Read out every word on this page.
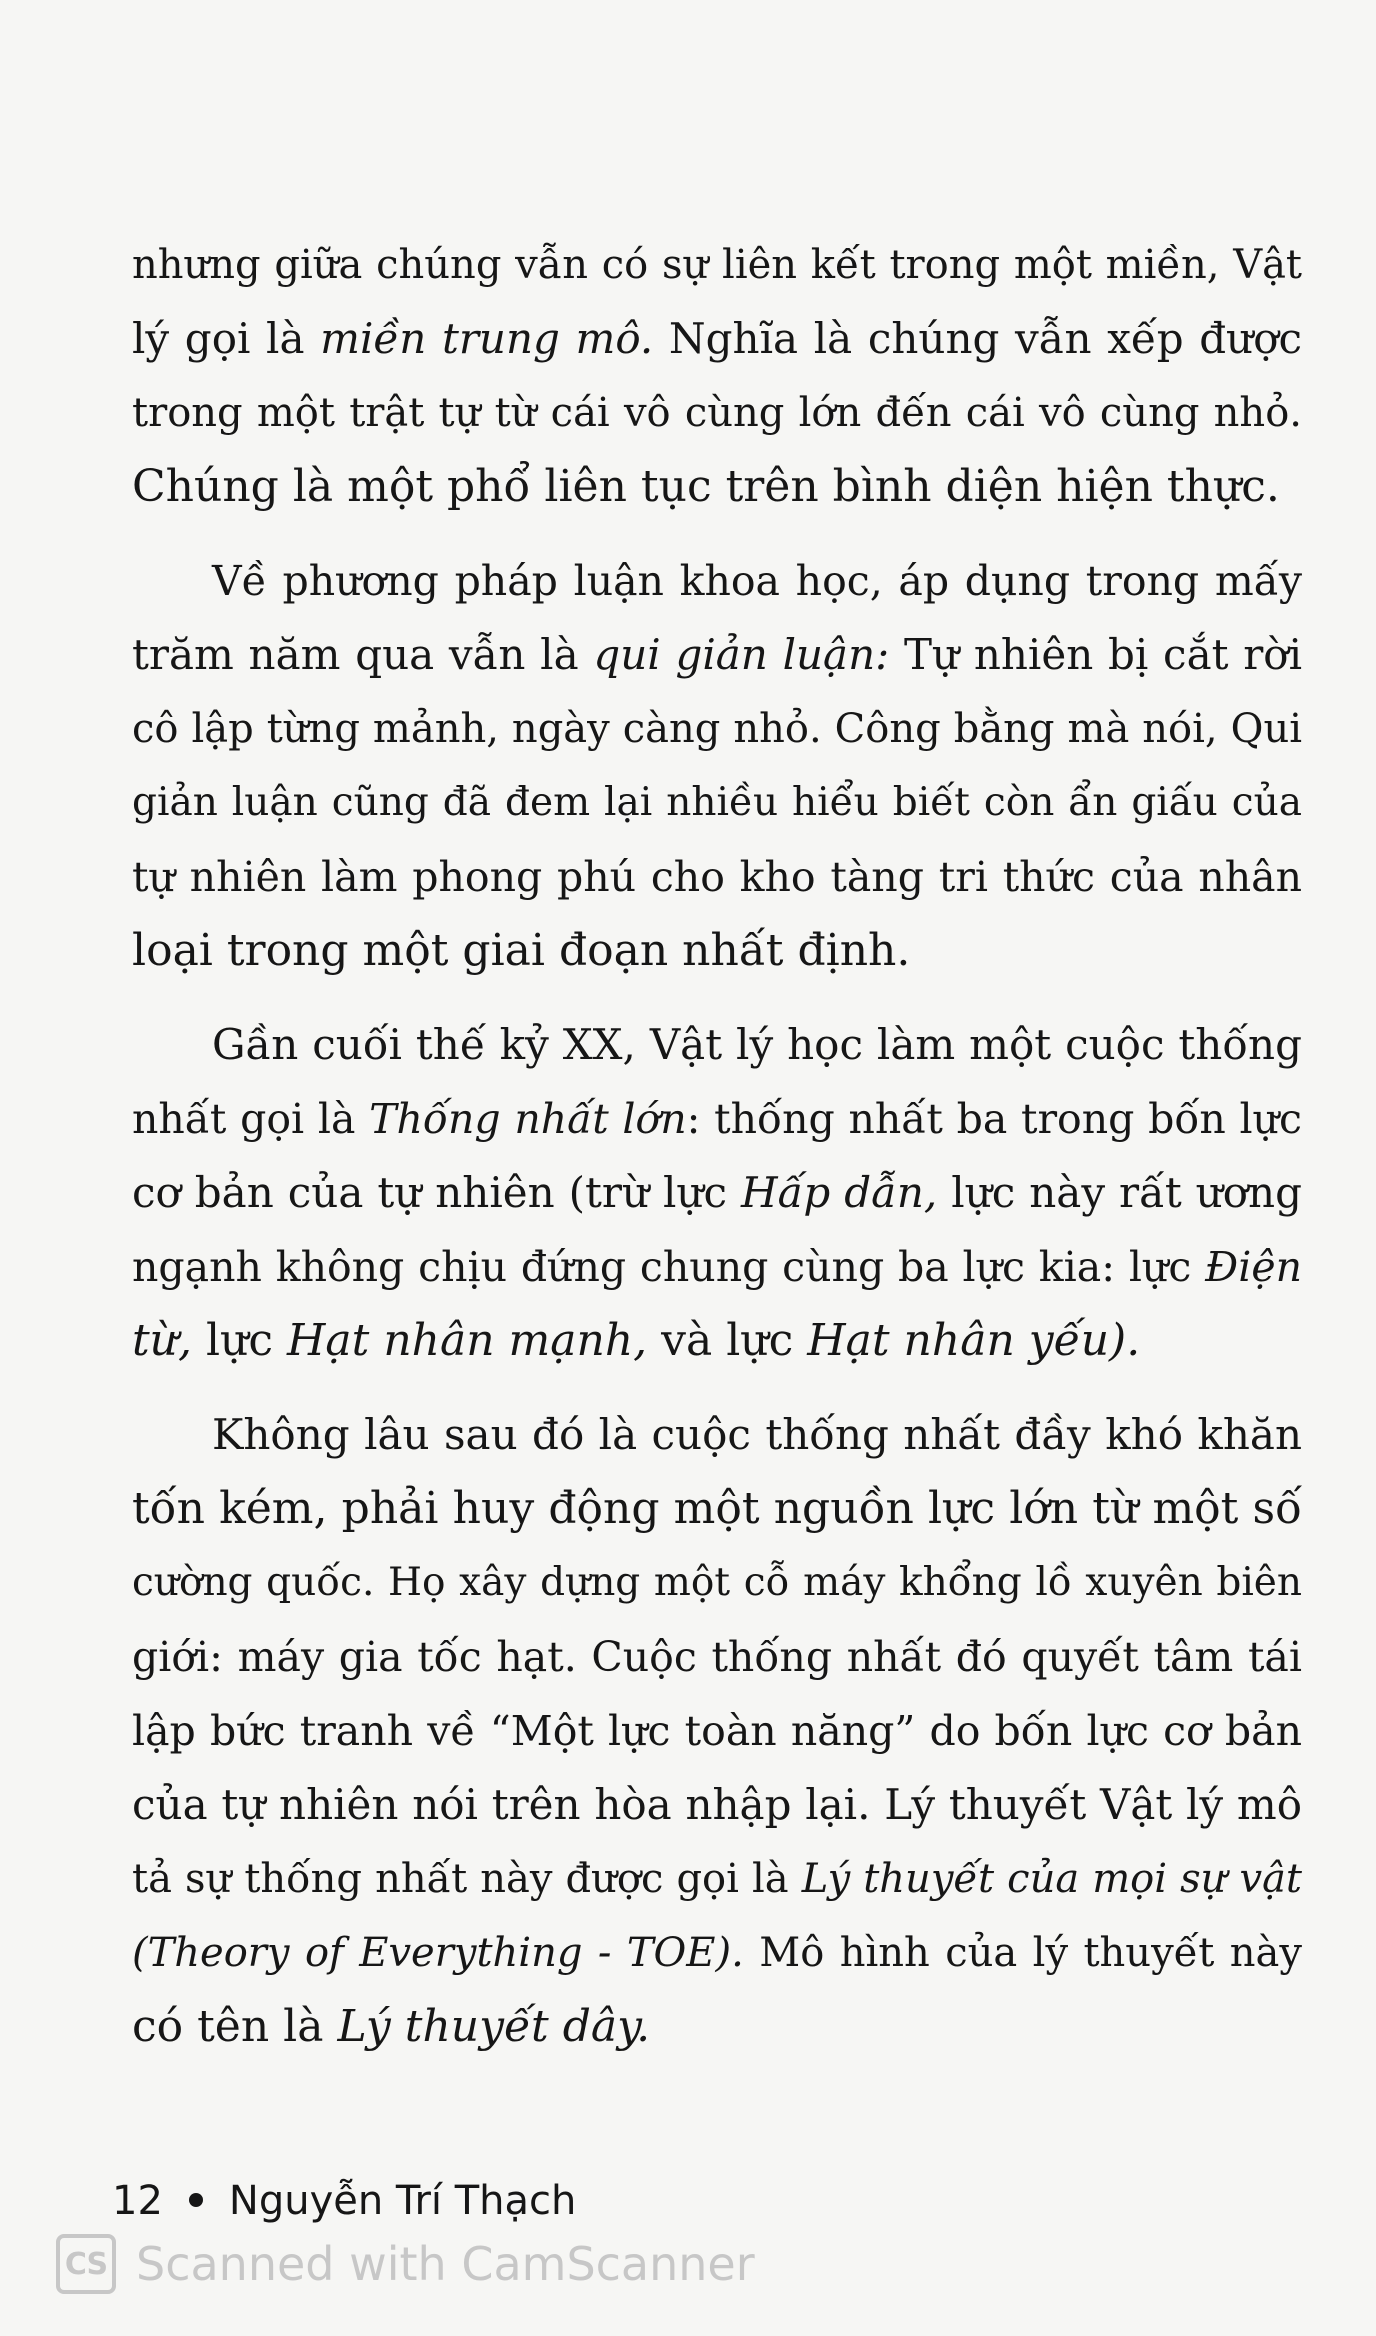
nhưng giữa chúng vẫn có sự liên kết trong một miền, Vật
lý gọi là miền trung mô. Nghĩa là chúng vẫn xếp được
trong một trật tự từ cái vô cùng lớn đến cái vô cùng nhỏ.
Chúng là một phổ liên tục trên bình diện hiện thực.

Về phương pháp luận khoa học, áp dụng trong mấy
trăm năm qua vẫn là qui giản luận: Tự nhiên bị cắt rời
cô lập từng mảnh, ngày càng nhỏ. Công bằng mà nói, Qui
giản luận cũng đã đem lại nhiều hiểu biết còn ẩn giấu của
tự nhiên làm phong phú cho kho tàng tri thức của nhân
loại trong một giai đoạn nhất định.

Gần cuối thế kỷ XX, Vật lý học làm một cuộc thống
nhất gọi là Thống nhất lớn: thống nhất ba trong bốn lực
cơ bản của tự nhiên (trừ lực Hấp dẫn, lực này rất ương
ngạnh không chịu đứng chung cùng ba lực kia: lực Điện
từ, lực Hạt nhân mạnh, và lực Hạt nhân yếu).

Không lâu sau đó là cuộc thống nhất đầy khó khăn
tốn kém, phải huy động một nguồn lực lớn từ một số
cường quốc. Họ xây dựng một cỗ máy khổng lồ xuyên biên
giới: máy gia tốc hạt. Cuộc thống nhất đó quyết tâm tái
lập bức tranh về “Một lực toàn năng” do bốn lực cơ bản
của tự nhiên nói trên hòa nhập lại. Lý thuyết Vật lý mô
tả sự thống nhất này được gọi là Lý thuyết của mọi sự vật
(Theory of Everything - TOE). Mô hình của lý thuyết này
có tên là Lý thuyết dây.

12 Nguyễn Trí Thạch
CS Scanned with CamScanner
